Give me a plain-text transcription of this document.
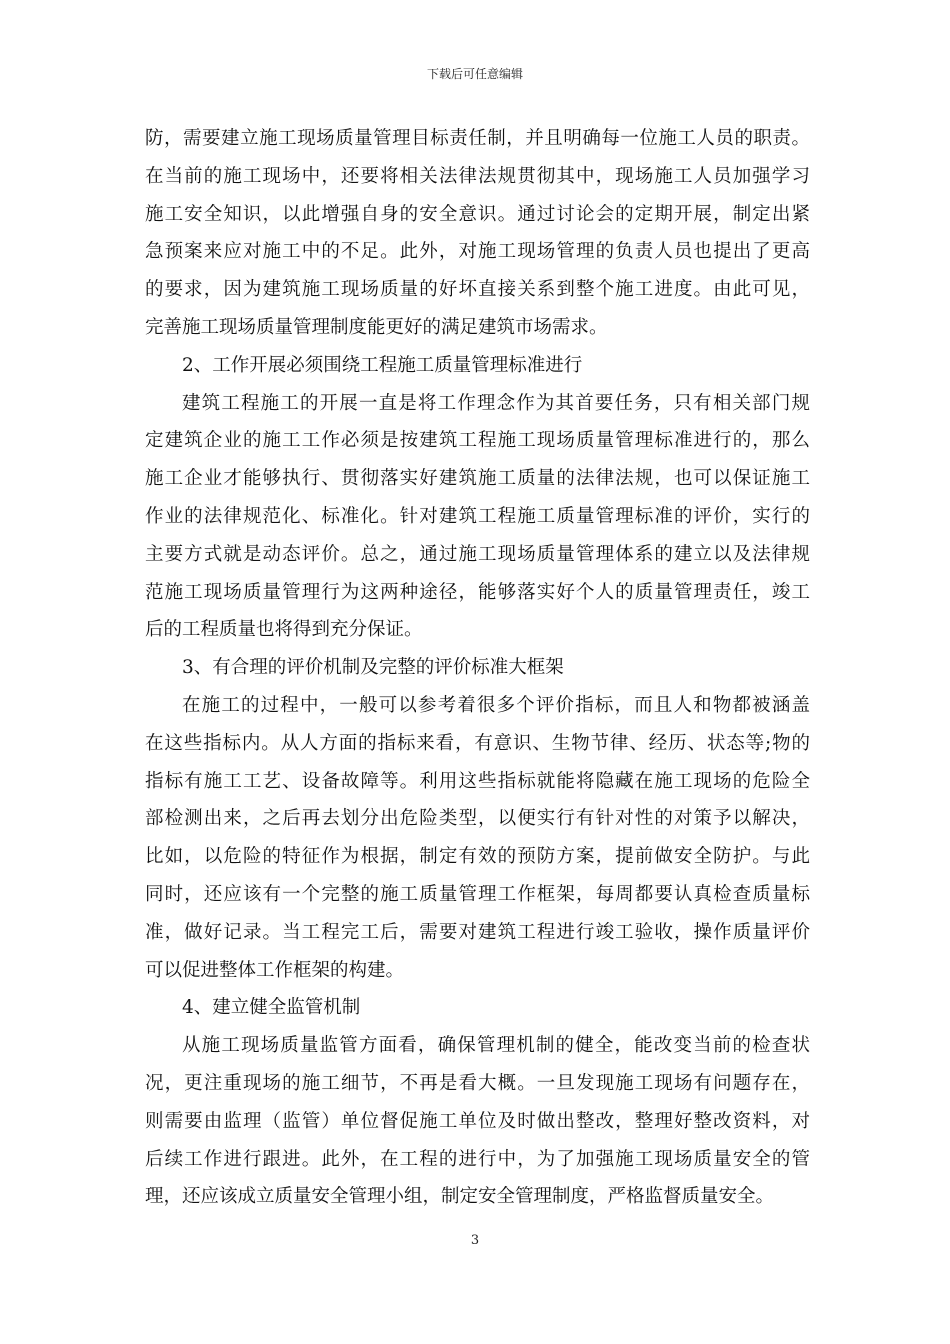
下载后可任意编辑
防，需要建立施工现场质量管理目标责任制，并且明确每一位施工人员的职责。
在当前的施工现场中，还要将相关法律法规贯彻其中，现场施工人员加强学习
施工安全知识，以此增强自身的安全意识。通过讨论会的定期开展，制定出紧
急预案来应对施工中的不足。此外，对施工现场管理的负责人员也提出了更高
的要求，因为建筑施工现场质量的好坏直接关系到整个施工进度。由此可见，
完善施工现场质量管理制度能更好的满足建筑市场需求。
2、工作开展必须围绕工程施工质量管理标准进行
建筑工程施工的开展一直是将工作理念作为其首要任务，只有相关部门规
定建筑企业的施工工作必须是按建筑工程施工现场质量管理标准进行的，那么
施工企业才能够执行、贯彻落实好建筑施工质量的法律法规，也可以保证施工
作业的法律规范化、标准化。针对建筑工程施工质量管理标准的评价，实行的
主要方式就是动态评价。总之，通过施工现场质量管理体系的建立以及法律规
范施工现场质量管理行为这两种途径，能够落实好个人的质量管理责任，竣工
后的工程质量也将得到充分保证。
3、有合理的评价机制及完整的评价标准大框架
在施工的过程中，一般可以参考着很多个评价指标，而且人和物都被涵盖
在这些指标内。从人方面的指标来看，有意识、生物节律、经历、状态等;物的
指标有施工工艺、设备故障等。利用这些指标就能将隐藏在施工现场的危险全
部检测出来，之后再去划分出危险类型，以便实行有针对性的对策予以解决，
比如，以危险的特征作为根据，制定有效的预防方案，提前做安全防护。与此
同时，还应该有一个完整的施工质量管理工作框架，每周都要认真检查质量标
准，做好记录。当工程完工后，需要对建筑工程进行竣工验收，操作质量评价
可以促进整体工作框架的构建。
4、建立健全监管机制
从施工现场质量监管方面看，确保管理机制的健全，能改变当前的检查状
况，更注重现场的施工细节，不再是看大概。一旦发现施工现场有问题存在，
则需要由监理（监管）单位督促施工单位及时做出整改，整理好整改资料，对
后续工作进行跟进。此外，在工程的进行中，为了加强施工现场质量安全的管
理，还应该成立质量安全管理小组，制定安全管理制度，严格监督质量安全。
3
